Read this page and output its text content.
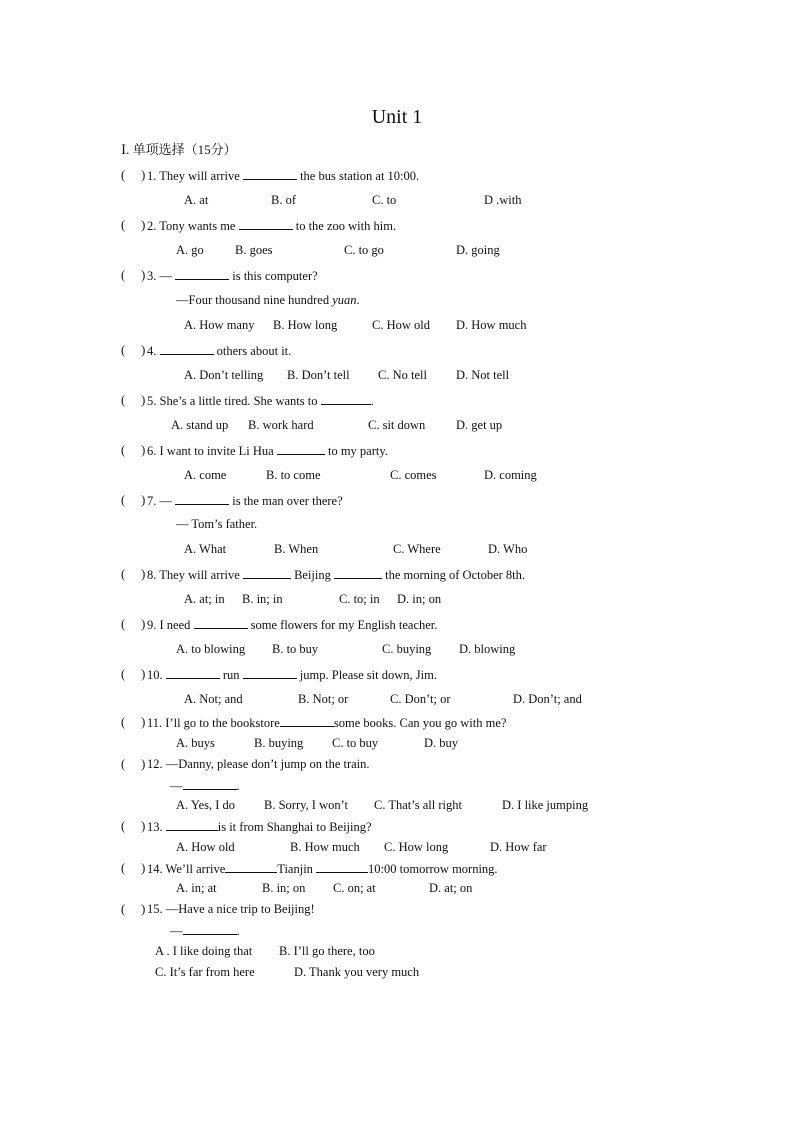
Unit 1
Ⅰ. 单项选择（15分）
( ) 1. They will arrive	the bus station at 10:00.
A. at	B. of	C. to	D .with
( ) 2. Tony wants me	to the zoo with him.
A. go B. goes	C. to go	D. going
( ) 3. —	is this computer?
—Four thousand nine hundred yuan.
A. How many B. How long	C. How old D. How much
( ) 4.	others about it.
A. Don’t telling B. Don’t tell C. No tell D. Not tell
( ) 5. She’s a little tired. She wants to	.
A. stand up B. work hard	C. sit down D. get up
( ) 6. I want to invite Li Hua	to my party.
A. come	B. to come	C. comes	D. coming
( ) 7. —	is the man over there?
— Tom’s father.
A. What	B. When	C. Where	D. Who
( ) 8. They will arrive	Beijing	the morning of October 8th.
A. at; in B. in; in	C. to; in D. in; on
( ) 9. I need	some flowers for my English teacher.
A. to blowing B. to buy	C. buying D. blowing
( ) 10.	run	jump. Please sit down, Jim.
A. Not; and	B. Not; or	C. Don’t; or	D. Don’t; and
( ) 11. I’ll go to the bookstore	some books. Can you go with me?
A. buys	B. buying C. to buy	D. buy
( ) 12. —Danny, please don’t jump on the train.
—	.
A. Yes, I do B. Sorry, I won’t C. That’s all right	D. I like jumping
( ) 13.	is it from Shanghai to Beijing?
A. How old	B. How much C. How long	D. How far
( ) 14. We’ll arrive	Tianjin	10:00 tomorrow morning.
A. in; at	B. in; on C. on; at	D. at; on
( ) 15. —Have a nice trip to Beijing!
—	.
A . I like doing that B. I’ll go there, too
C. It’s far from here	D. Thank you very much
